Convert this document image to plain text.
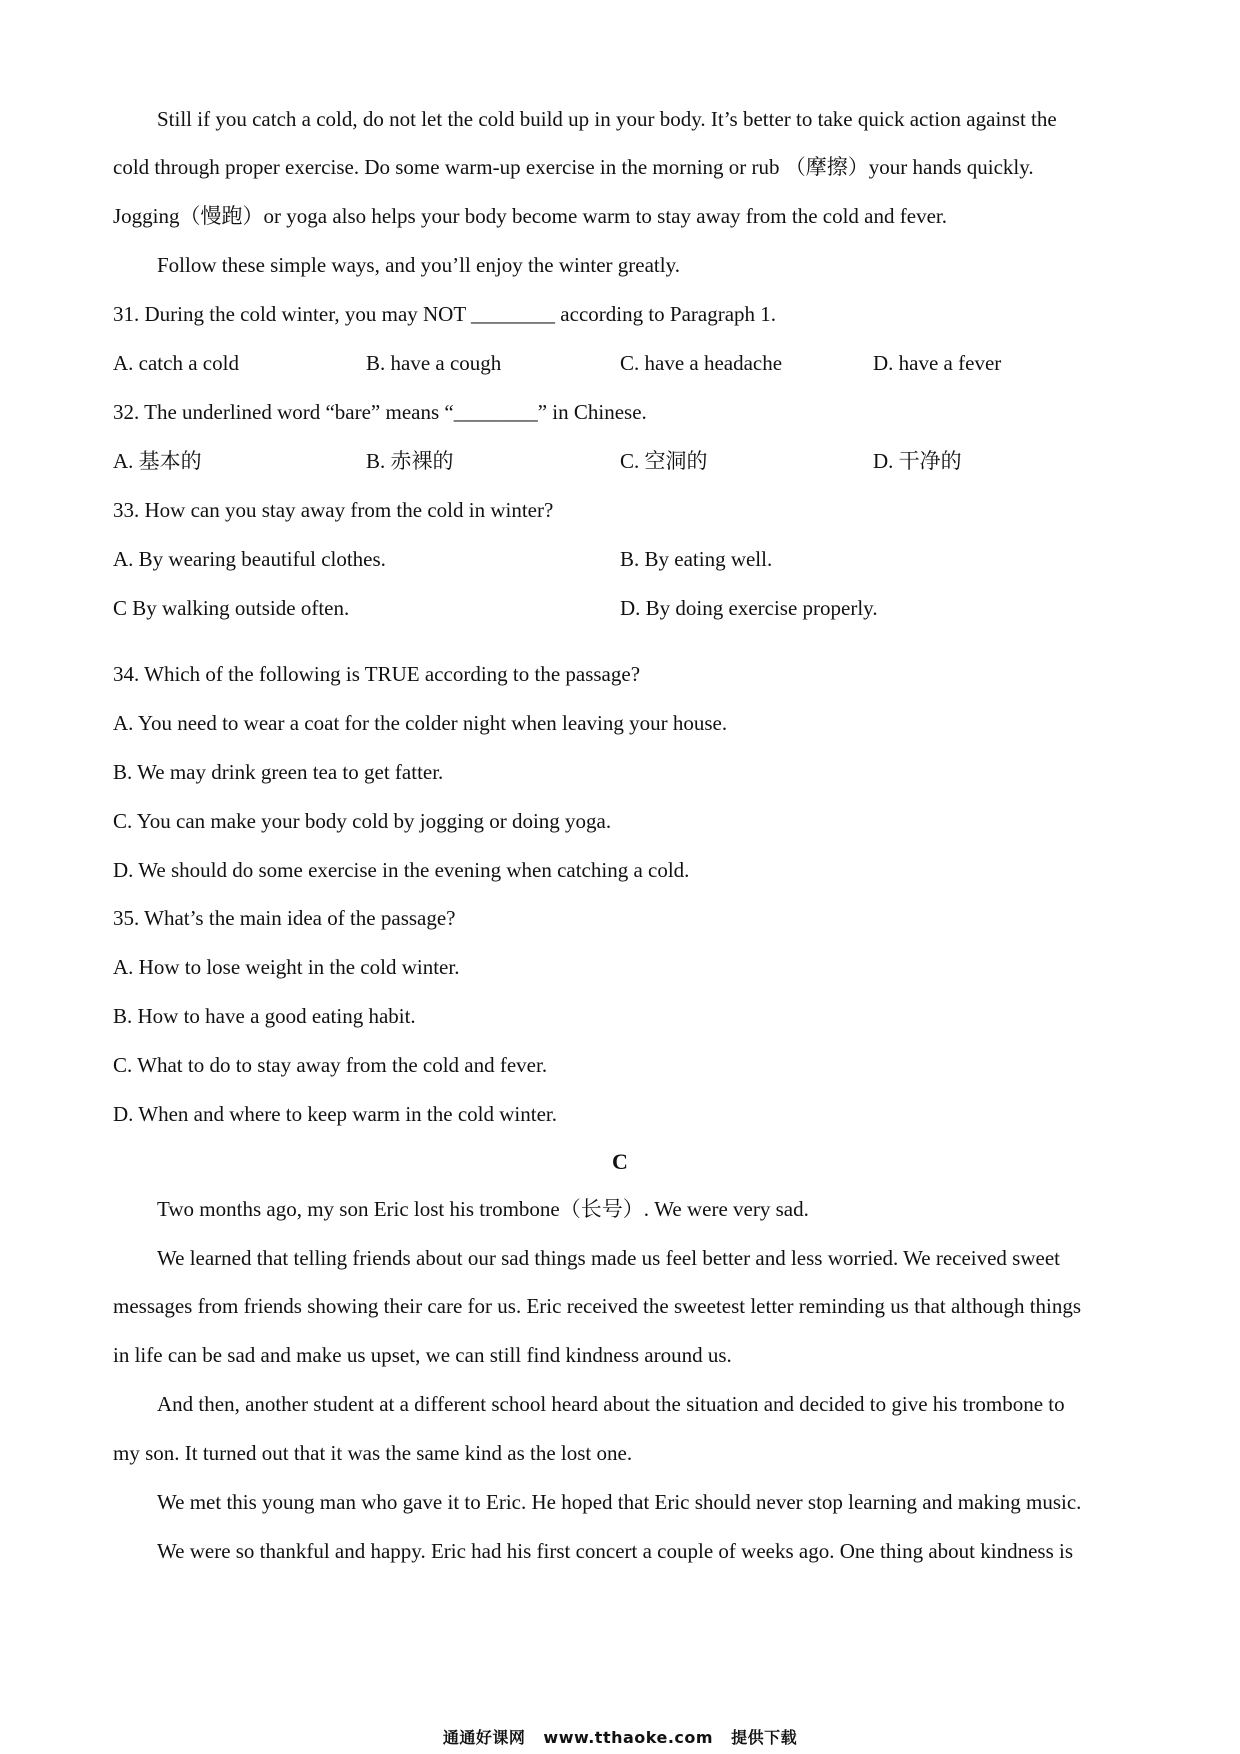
Still if you catch a cold, do not let the cold build up in your body. It’s better to take quick action against the
cold through proper exercise. Do some warm-up exercise in the morning or rub （摩擦）your hands quickly.
Jogging（慢跑）or yoga also helps your body become warm to stay away from the cold and fever.
Follow these simple ways, and you’ll enjoy the winter greatly.
31. During the cold winter, you may NOT ________ according to Paragraph 1.
A. catch a cold	B. have a cough	C. have a headache	D. have a fever
32. The underlined word “bare” means “________” in Chinese.
A. 基本的	B. 赤裸的	C. 空洞的	D. 干净的
33. How can you stay away from the cold in winter?
A. By wearing beautiful clothes.	B. By eating well.
C By walking outside often.	D. By doing exercise properly.
34. Which of the following is TRUE according to the passage?
A. You need to wear a coat for the colder night when leaving your house.
B. We may drink green tea to get fatter.
C. You can make your body cold by jogging or doing yoga.
D. We should do some exercise in the evening when catching a cold.
35. What’s the main idea of the passage?
A. How to lose weight in the cold winter.
B. How to have a good eating habit.
C. What to do to stay away from the cold and fever.
D. When and where to keep warm in the cold winter.
C
Two months ago, my son Eric lost his trombone（长号）. We were very sad.
We learned that telling friends about our sad things made us feel better and less worried. We received sweet
messages from friends showing their care for us. Eric received the sweetest letter reminding us that although things
in life can be sad and make us upset, we can still find kindness around us.
And then, another student at a different school heard about the situation and decided to give his trombone to
my son. It turned out that it was the same kind as the lost one.
We met this young man who gave it to Eric. He hoped that Eric should never stop learning and making music.
We were so thankful and happy. Eric had his first concert a couple of weeks ago. One thing about kindness is
通通好课网 www.tthaoke.com 提供下载
